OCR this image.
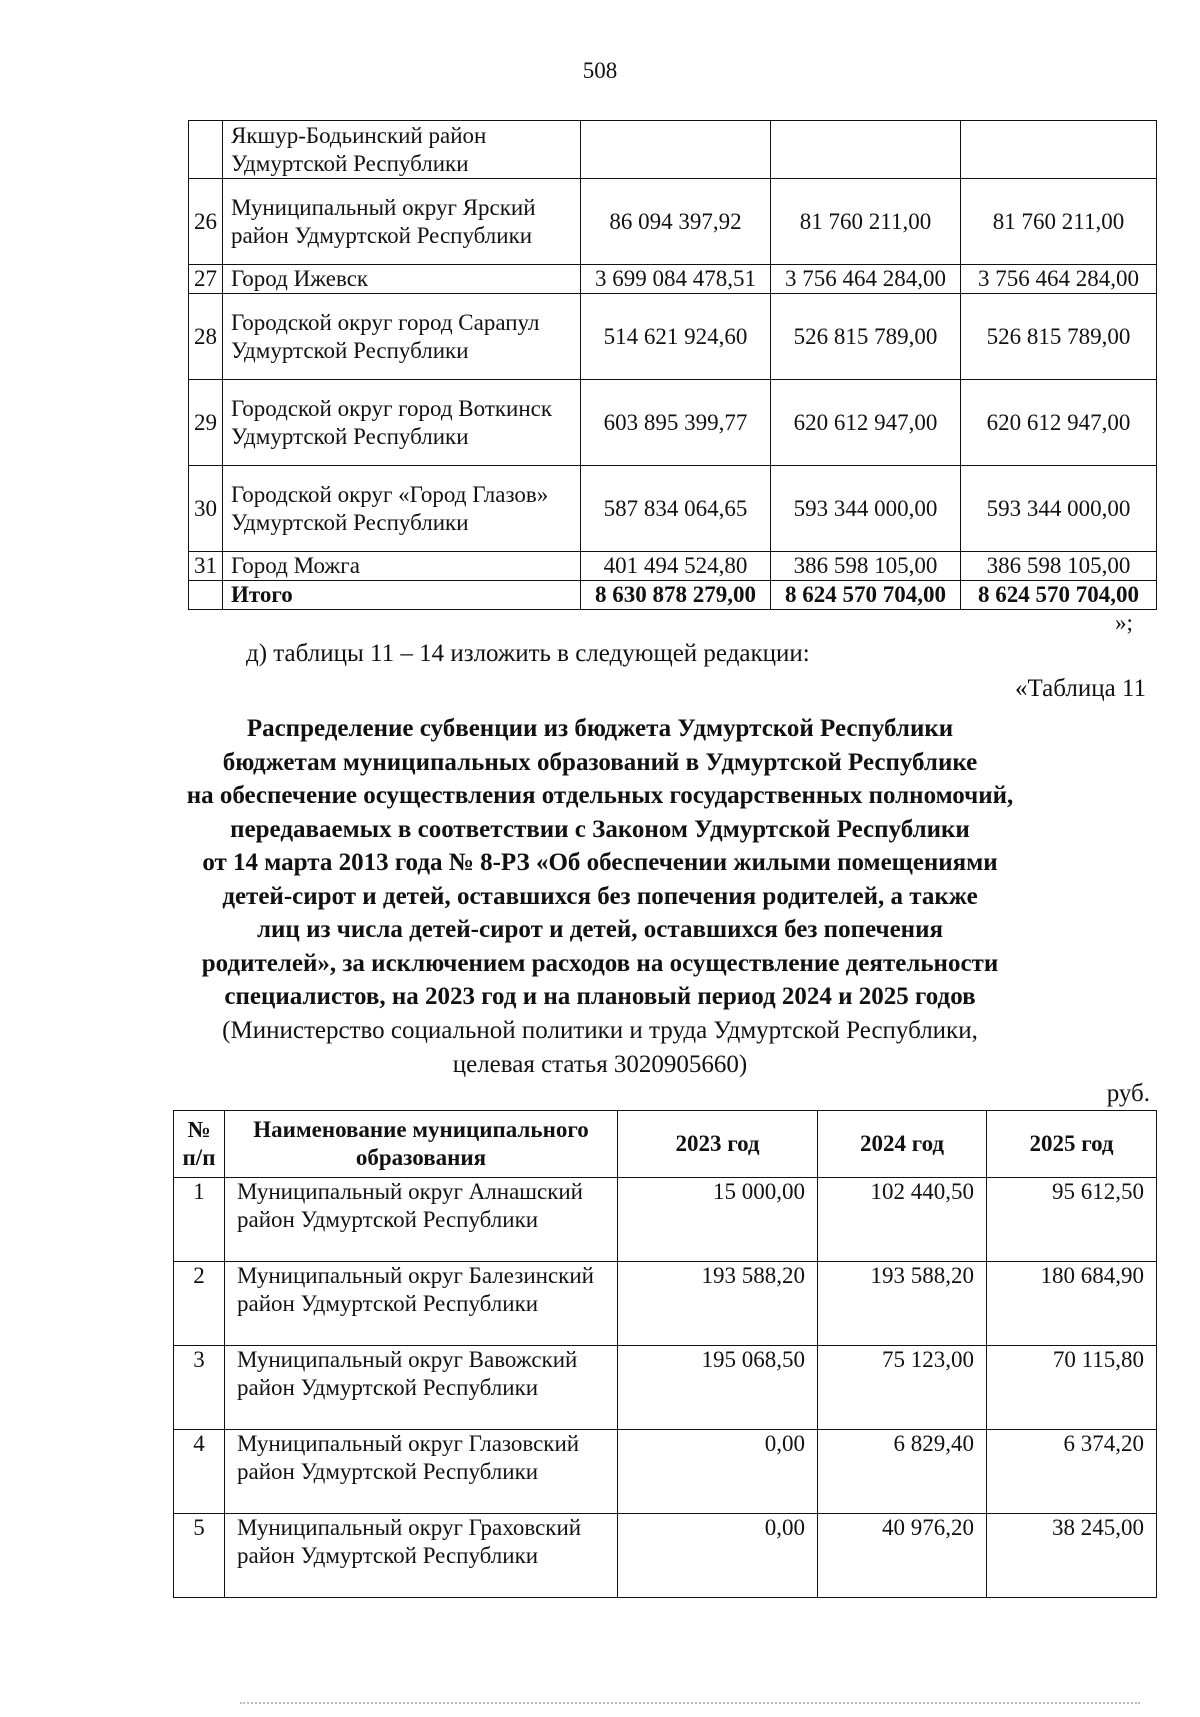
508
	Якшур-Бодьинский район Удмуртской Республики			
26	Муниципальный округ Ярский район Удмуртской Республики	86 094 397,92	81 760 211,00	81 760 211,00
27	Город Ижевск	3 699 084 478,51	3 756 464 284,00	3 756 464 284,00
28	Городской округ город Сарапул Удмуртской Республики	514 621 924,60	526 815 789,00	526 815 789,00
29	Городской округ город Воткинск Удмуртской Республики	603 895 399,77	620 612 947,00	620 612 947,00
30	Городской округ «Город Глазов» Удмуртской Республики	587 834 064,65	593 344 000,00	593 344 000,00
31	Город Можга	401 494 524,80	386 598 105,00	386 598 105,00
	Итого	8 630 878 279,00	8 624 570 704,00	8 624 570 704,00
»;
д) таблицы 11 – 14 изложить в следующей редакции:
«Таблица 11
Распределение субвенции из бюджета Удмуртской Республики
бюджетам муниципальных образований в Удмуртской Республике
на обеспечение осуществления отдельных государственных полномочий,
передаваемых в соответствии с Законом Удмуртской Республики
от 14 марта 2013 года № 8-РЗ «Об обеспечении жилыми помещениями
детей-сирот и детей, оставшихся без попечения родителей, а также
лиц из числа детей-сирот и детей, оставшихся без попечения
родителей», за исключением расходов на осуществление деятельности
специалистов, на 2023 год и на плановый период 2024 и 2025 годов
(Министерство социальной политики и труда Удмуртской Республики,
целевая статья 3020905660)
руб.
№ п/п	Наименование муниципального образования	2023 год	2024 год	2025 год
1	Муниципальный округ Алнашский район Удмуртской Республики	15 000,00	102 440,50	95 612,50
2	Муниципальный округ Балезинский район Удмуртской Республики	193 588,20	193 588,20	180 684,90
3	Муниципальный округ Вавожский район Удмуртской Республики	195 068,50	75 123,00	70 115,80
4	Муниципальный округ Глазовский район Удмуртской Республики	0,00	6 829,40	6 374,20
5	Муниципальный округ Граховский район Удмуртской Республики	0,00	40 976,20	38 245,00
